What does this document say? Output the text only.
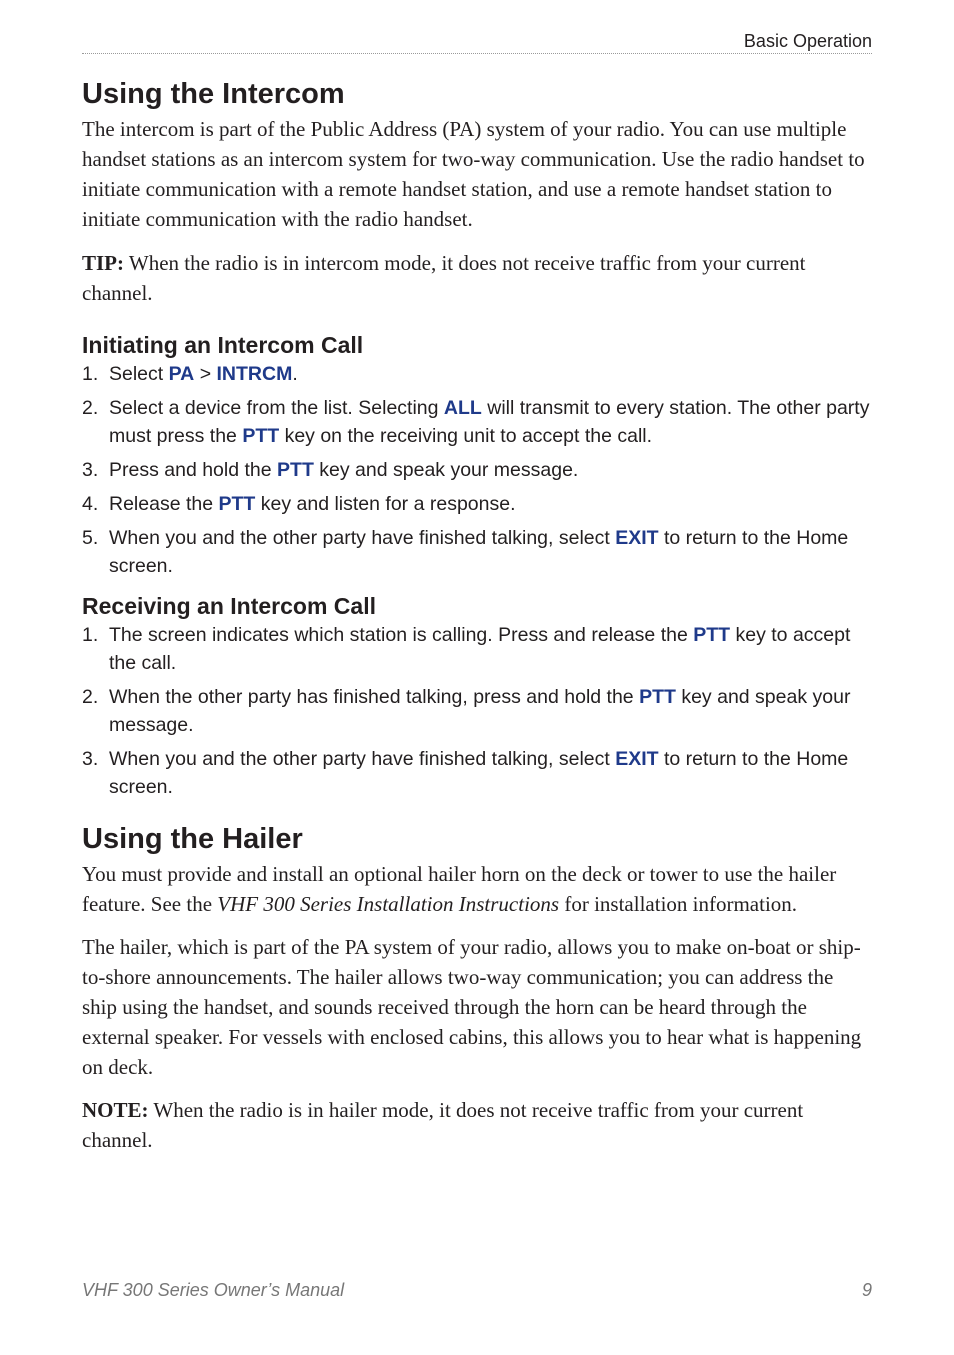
Basic Operation
Using the Intercom

The intercom is part of the Public Address (PA) system of your radio. You can use multiple handset stations as an intercom system for two-way communication. Use the radio handset to initiate communication with a remote handset station, and use a remote handset station to initiate communication with the radio handset.

TIP: When the radio is in intercom mode, it does not receive traffic from your current channel.

Initiating an Intercom Call
1. Select PA > INTRCM.
2. Select a device from the list. Selecting ALL will transmit to every station. The other party must press the PTT key on the receiving unit to accept the call.
3. Press and hold the PTT key and speak your message.
4. Release the PTT key and listen for a response.
5. When you and the other party have finished talking, select EXIT to return to the Home screen.
Receiving an Intercom Call
1. The screen indicates which station is calling. Press and release the PTT key to accept the call.
2. When the other party has finished talking, press and hold the PTT key and speak your message.
3. When you and the other party have finished talking, select EXIT to return to the Home screen.
Using the Hailer

You must provide and install an optional hailer horn on the deck or tower to use the hailer feature. See the VHF 300 Series Installation Instructions for installation information.

The hailer, which is part of the PA system of your radio, allows you to make on-boat or ship-to-shore announcements. The hailer allows two-way communication; you can address the ship using the handset, and sounds received through the horn can be heard through the external speaker. For vessels with enclosed cabins, this allows you to hear what is happening on deck.

NOTE: When the radio is in hailer mode, it does not receive traffic from your current channel.

VHF 300 Series Owner’s Manual	9
